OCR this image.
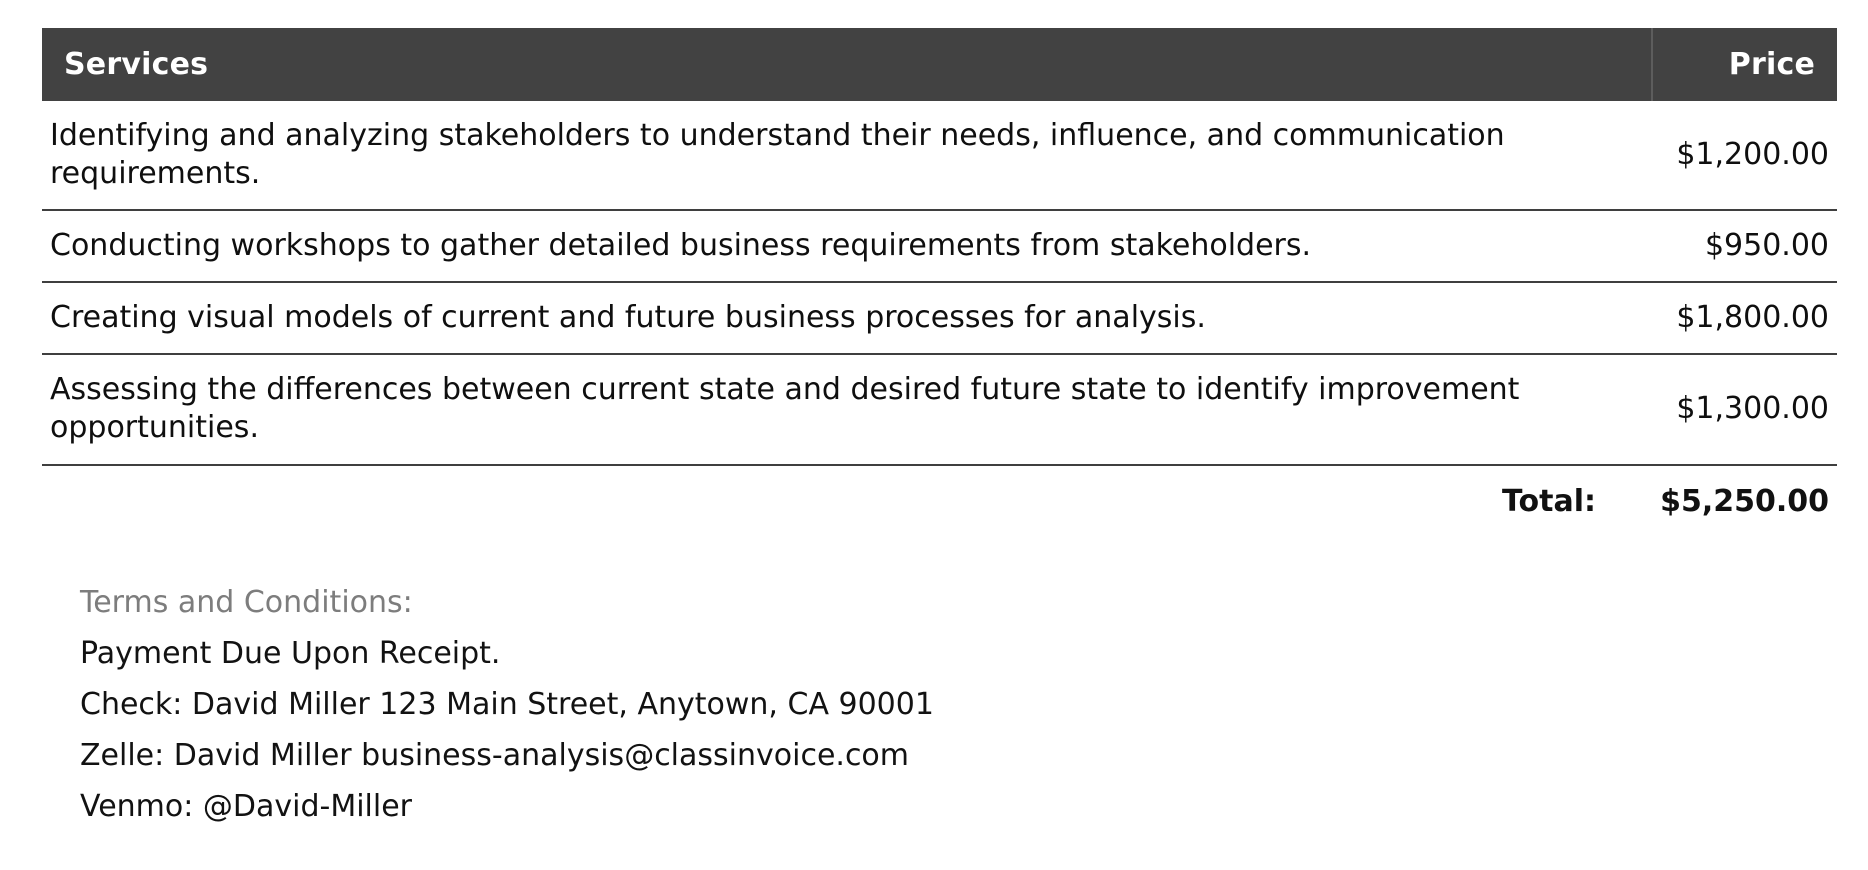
Services	Price
Identifying and analyzing stakeholders to understand their needs, influence, and communication requirements.	$1,200.00
Conducting workshops to gather detailed business requirements from stakeholders.	$950.00
Creating visual models of current and future business processes for analysis.	$1,800.00
Assessing the differences between current state and desired future state to identify improvement opportunities.	$1,300.00
Total:	$5,250.00
Terms and Conditions:
Payment Due Upon Receipt.
Check: David Miller 123 Main Street, Anytown, CA 90001
Zelle: David Miller business-analysis@classinvoice.com
Venmo: @David-Miller
